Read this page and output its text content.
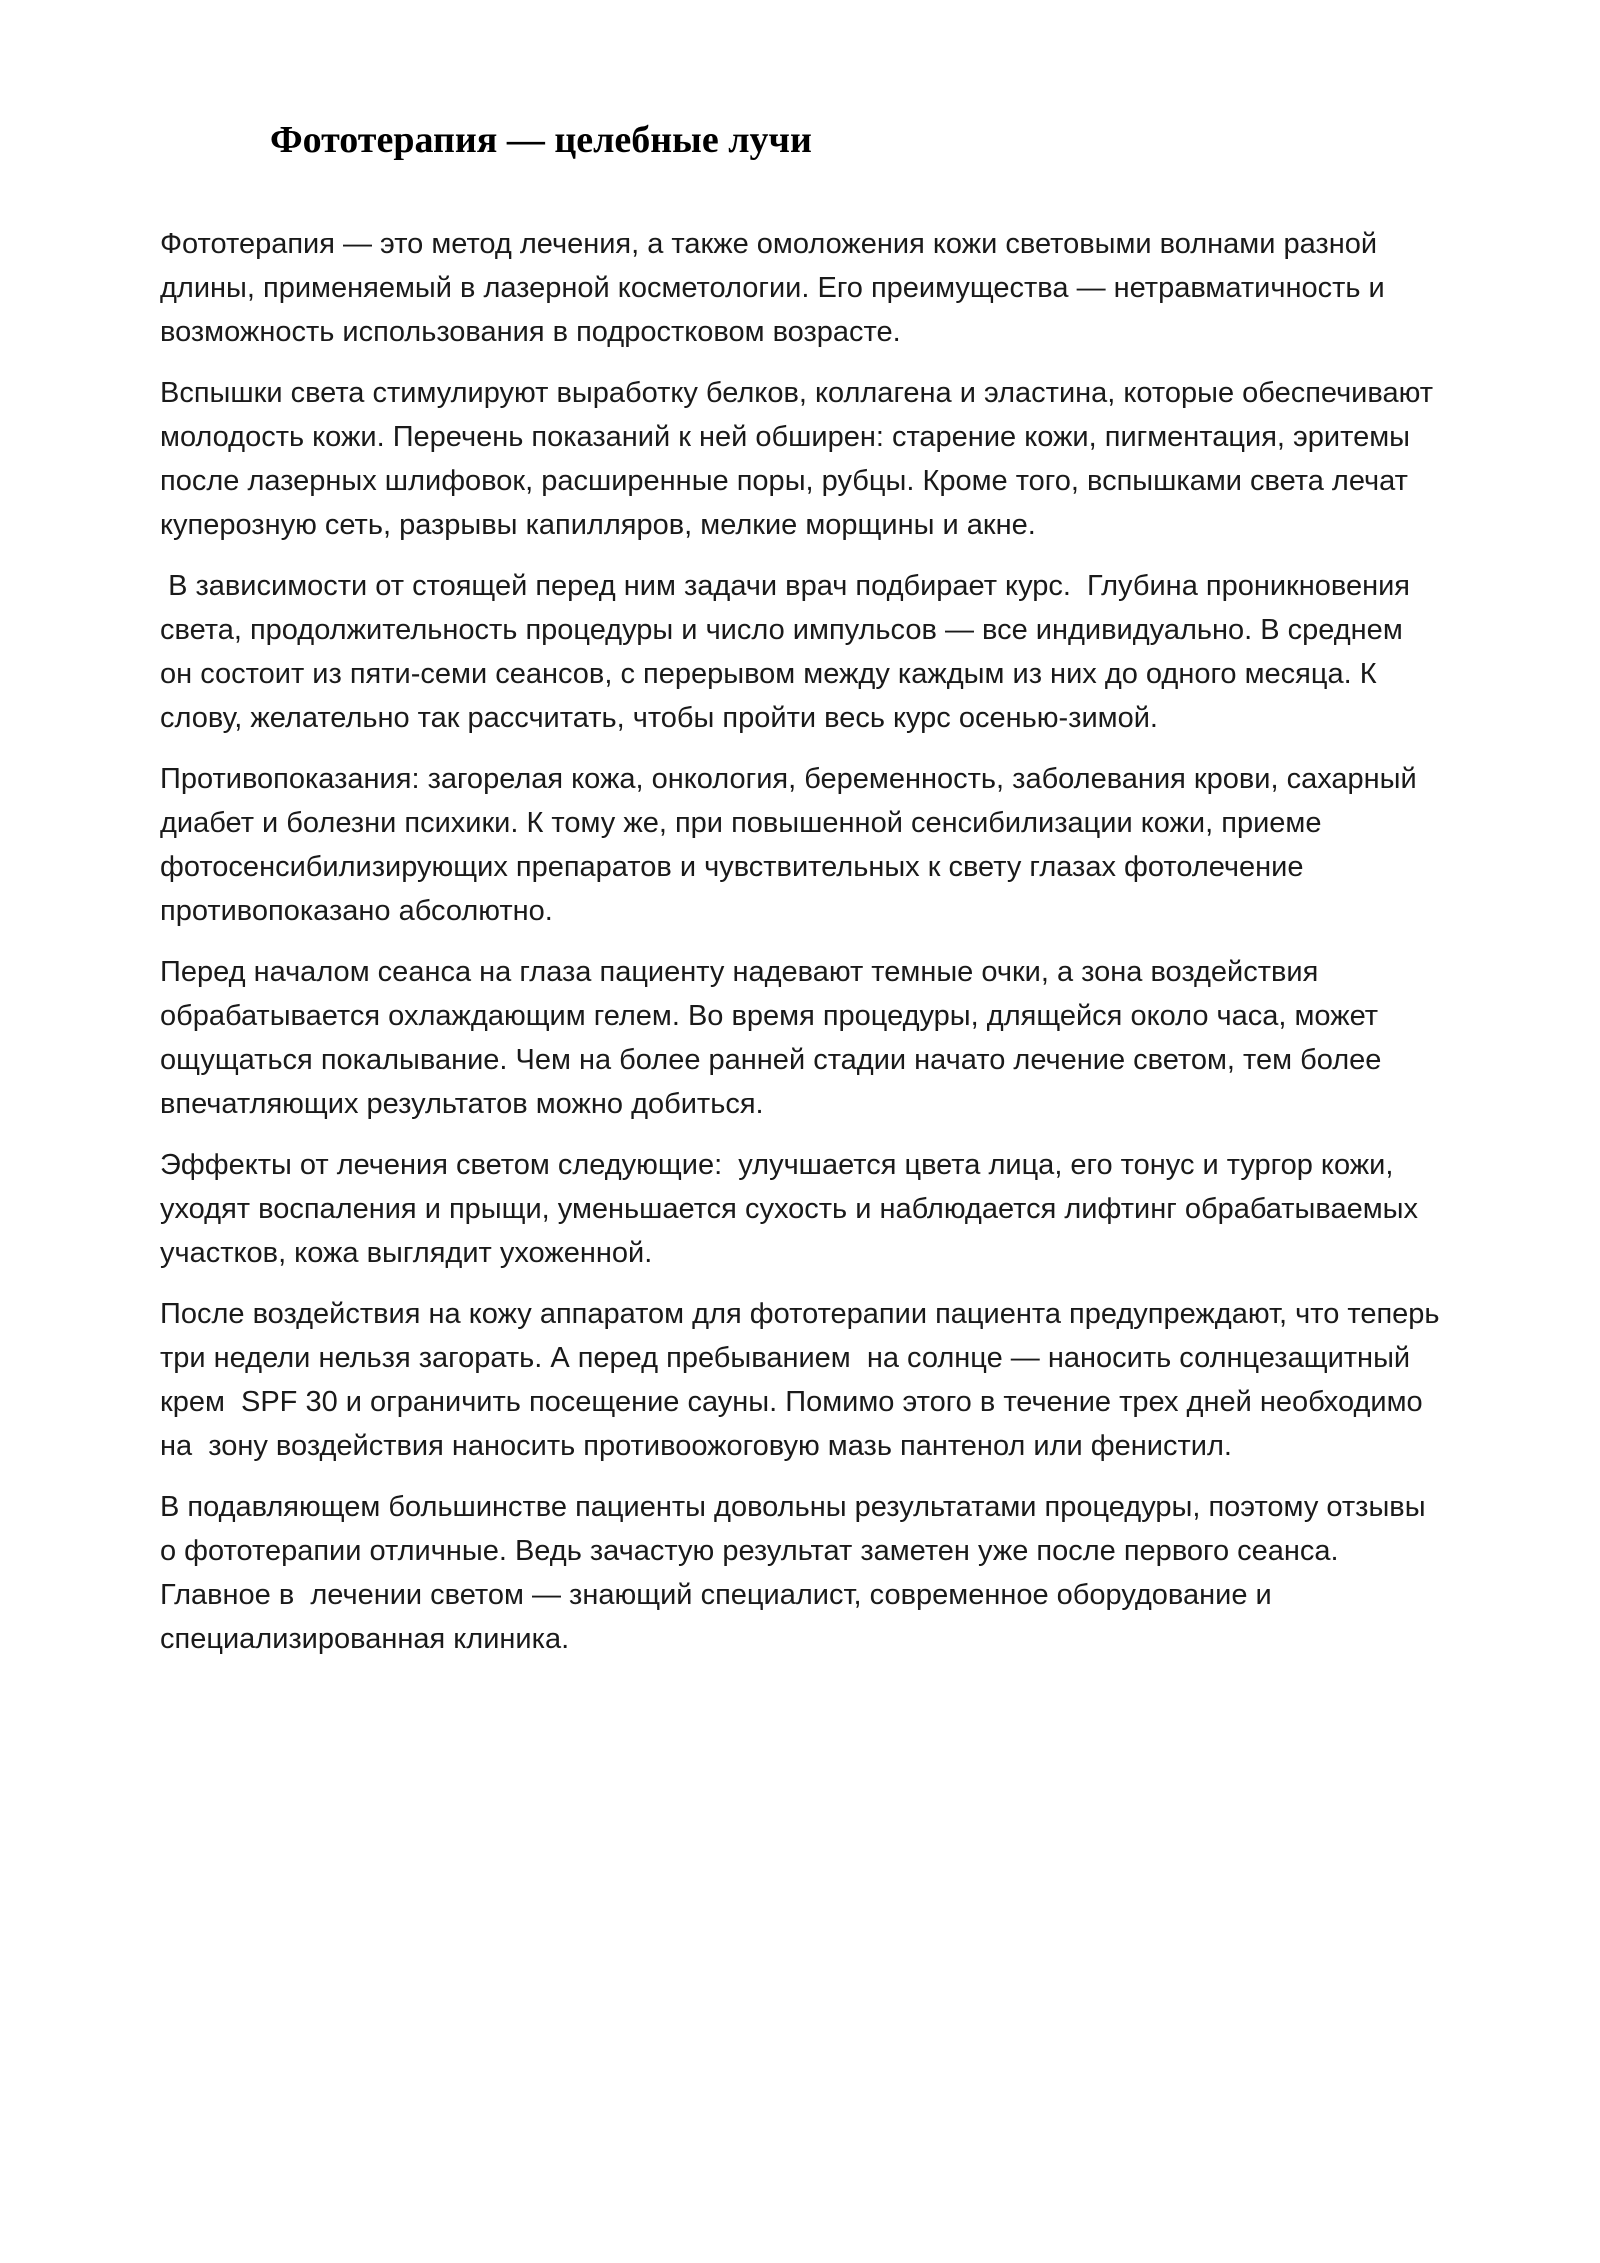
Фототерапия — целебные лучи

Фототерапия — это метод лечения, а также омоложения кожи световыми волнами разной длины, применяемый в лазерной косметологии. Его преимущества — нетравматичность и возможность использования в подростковом возрасте.

Вспышки света стимулируют выработку белков, коллагена и эластина, которые обеспечивают  молодость кожи. Перечень показаний к ней обширен: старение кожи, пигментация, эритемы после лазерных шлифовок, расширенные поры, рубцы. Кроме того, вспышками света лечат куперозную сеть, разрывы капилляров, мелкие морщины и акне.

В зависимости от стоящей перед ним задачи врач подбирает курс.  Глубина проникновения света, продолжительность процедуры и число импульсов — все индивидуально. В среднем он состоит из пяти-семи сеансов, с перерывом между каждым из них до одного месяца. К слову, желательно так рассчитать, чтобы пройти весь курс осенью-зимой.

Противопоказания: загорелая кожа, онкология, беременность, заболевания крови, сахарный диабет и болезни психики. К тому же, при повышенной сенсибилизации кожи, приеме фотосенсибилизирующих препаратов и чувствительных к свету глазах фотолечение противопоказано абсолютно.

Перед началом сеанса на глаза пациенту надевают темные очки, а зона воздействия обрабатывается охлаждающим гелем. Во время процедуры, длящейся около часа, может ощущаться покалывание. Чем на более ранней стадии начато лечение светом, тем более впечатляющих результатов можно добиться.

Эффекты от лечения светом следующие:  улучшается цвета лица, его тонус и тургор кожи, уходят воспаления и прыщи, уменьшается сухость и наблюдается лифтинг обрабатываемых участков, кожа выглядит ухоженной.

После воздействия на кожу аппаратом для фототерапии пациента предупреждают, что теперь  три недели нельзя загорать. А перед пребыванием  на солнце — наносить солнцезащитный крем  SPF 30 и ограничить посещение сауны. Помимо этого в течение трех дней необходимо на  зону воздействия наносить противоожоговую мазь пантенол или фенистил.

В подавляющем большинстве пациенты довольны результатами процедуры, поэтому отзывы о фототерапии отличные. Ведь зачастую результат заметен уже после первого сеанса. Главное в  лечении светом — знающий специалист, современное оборудование и специализированная клиника.
